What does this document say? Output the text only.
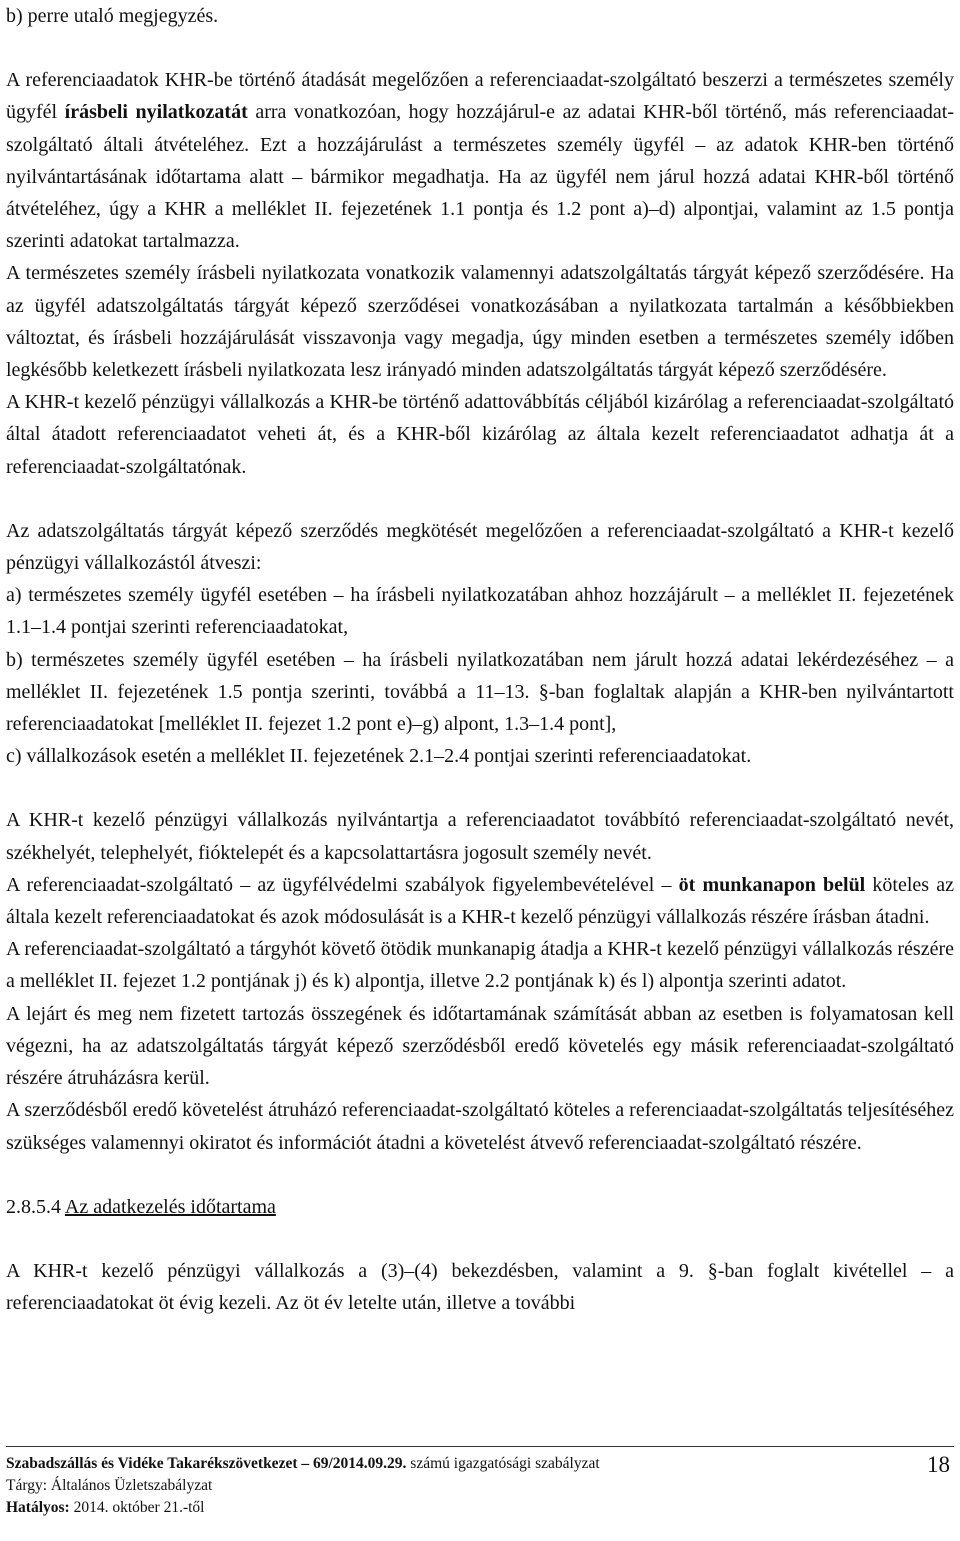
b) perre utaló megjegyzés.

A referenciaadatok KHR-be történő átadását megelőzően a referenciaadat-szolgáltató beszerzi a természetes személy ügyfél írásbeli nyilatkozatát arra vonatkozóan, hogy hozzájárul-e az adatai KHR-ből történő, más referenciaadat-szolgáltató általi átvételéhez. Ezt a hozzájárulást a természetes személy ügyfél – az adatok KHR-ben történő nyilvántartásának időtartama alatt – bármikor megadhatja. Ha az ügyfél nem járul hozzá adatai KHR-ből történő átvételéhez, úgy a KHR a melléklet II. fejezetének 1.1 pontja és 1.2 pont a)–d) alpontjai, valamint az 1.5 pontja szerinti adatokat tartalmazza.

A természetes személy írásbeli nyilatkozata vonatkozik valamennyi adatszolgáltatás tárgyát képező szerződésére. Ha az ügyfél adatszolgáltatás tárgyát képező szerződései vonatkozásában a nyilatkozata tartalmán a későbbiekben változtat, és írásbeli hozzájárulását visszavonja vagy megadja, úgy minden esetben a természetes személy időben legkésőbb keletkezett írásbeli nyilatkozata lesz irányadó minden adatszolgáltatás tárgyát képező szerződésére.

A KHR-t kezelő pénzügyi vállalkozás a KHR-be történő adattovábbítás céljából kizárólag a referenciaadat-szolgáltató által átadott referenciaadatot veheti át, és a KHR-ből kizárólag az általa kezelt referenciaadatot adhatja át a referenciaadat-szolgáltatónak.

Az adatszolgáltatás tárgyát képező szerződés megkötését megelőzően a referenciaadat-szolgáltató a KHR-t kezelő pénzügyi vállalkozástól átveszi:

a) természetes személy ügyfél esetében – ha írásbeli nyilatkozatában ahhoz hozzájárult – a melléklet II. fejezetének 1.1–1.4 pontjai szerinti referenciaadatokat,

b) természetes személy ügyfél esetében – ha írásbeli nyilatkozatában nem járult hozzá adatai lekérdezéséhez – a melléklet II. fejezetének 1.5 pontja szerinti, továbbá a 11–13. §-ban foglaltak alapján a KHR-ben nyilvántartott referenciaadatokat [melléklet II. fejezet 1.2 pont e)–g) alpont, 1.3–1.4 pont],

c) vállalkozások esetén a melléklet II. fejezetének 2.1–2.4 pontjai szerinti referenciaadatokat.

A KHR-t kezelő pénzügyi vállalkozás nyilvántartja a referenciaadatot továbbító referenciaadat-szolgáltató nevét, székhelyét, telephelyét, fióktelepét és a kapcsolattartásra jogosult személy nevét.

A referenciaadat-szolgáltató – az ügyfélvédelmi szabályok figyelembevételével – öt munkanapon belül köteles az általa kezelt referenciaadatokat és azok módosulását is a KHR-t kezelő pénzügyi vállalkozás részére írásban átadni.

A referenciaadat-szolgáltató a tárgyhót követő ötödik munkanapig átadja a KHR-t kezelő pénzügyi vállalkozás részére a melléklet II. fejezet 1.2 pontjának j) és k) alpontja, illetve 2.2 pontjának k) és l) alpontja szerinti adatot.

A lejárt és meg nem fizetett tartozás összegének és időtartamának számítását abban az esetben is folyamatosan kell végezni, ha az adatszolgáltatás tárgyát képező szerződésből eredő követelés egy másik referenciaadat-szolgáltató részére átruházásra kerül.

A szerződésből eredő követelést átruházó referenciaadat-szolgáltató köteles a referenciaadat-szolgáltatás teljesítéséhez szükséges valamennyi okiratot és információt átadni a követelést átvevő referenciaadat-szolgáltató részére.

2.8.5.4 Az adatkezelés időtartama

A KHR-t kezelő pénzügyi vállalkozás a (3)–(4) bekezdésben, valamint a 9. §-ban foglalt kivétellel – a referenciaadatokat öt évig kezeli. Az öt év letelte után, illetve a további

Szabadszállás és Vidéke Takarékszövetkezet – 69/2014.09.29. számú igazgatósági szabályzat
Tárgy: Általános Üzletszabályzat
Hatályos: 2014. október 21.-től
18
